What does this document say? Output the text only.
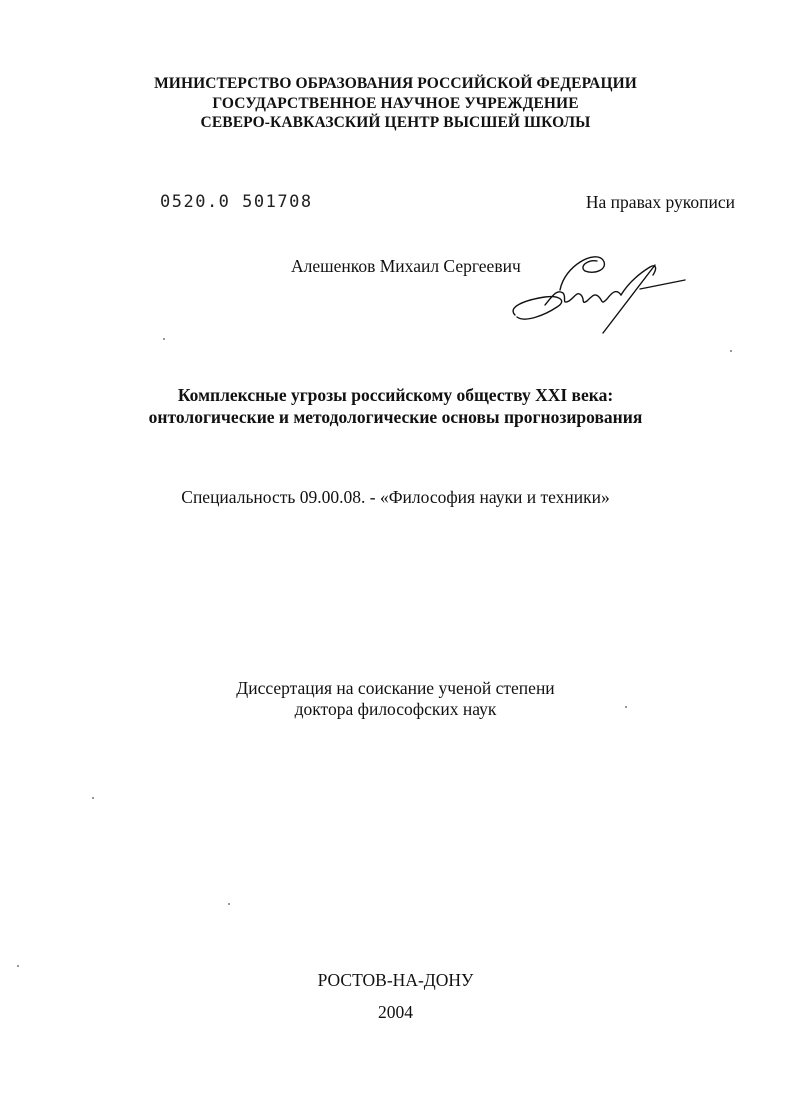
МИНИСТЕРСТВО ОБРАЗОВАНИЯ РОССИЙСКОЙ ФЕДЕРАЦИИ
ГОСУДАРСТВЕННОЕ НАУЧНОЕ УЧРЕЖДЕНИЕ
СЕВЕРО-КАВКАЗСКИЙ ЦЕНТР ВЫСШЕЙ ШКОЛЫ
0520.0 501708	На правах рукописи
Алешенков Михаил Сергеевич
Комплексные угрозы российскому обществу XXI века:
онтологические и методологические основы прогнозирования
Специальность 09.00.08. - «Философия науки и техники»
Диссертация на соискание ученой степени
доктора философских наук
РОСТОВ-НА-ДОНУ
2004
